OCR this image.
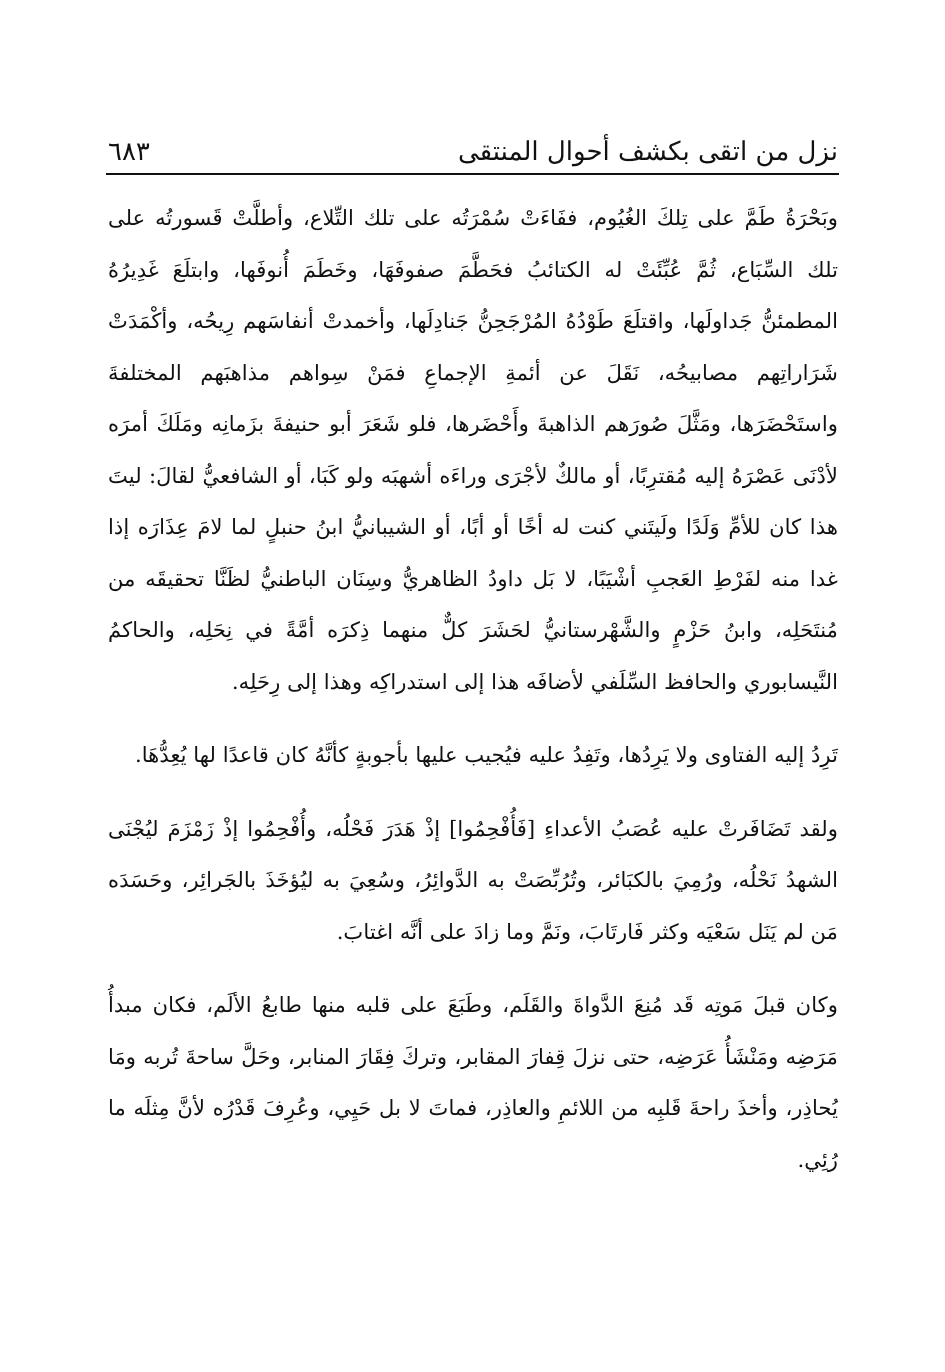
نزل من اتقى بكشف أحوال المنتقى
٦٨٣

وبَحْرَةُ طَمَّ على تِلكَ الغُيُوم، ففَاءَتْ سُمْرَتُه على تلك التِّلاع، وأطلَّتْ قَسورتُه على تلك السِّبَاع، ثُمَّ عُبِّئَتْ له الكتائبُ فحَطَّمَ صفوفَهَا، وخَطَمَ أُنوفَها، وابتلَعَ غَدِيرُهُ المطمئنُّ جَداولَها، واقتلَعَ طَوْدُهُ المُرْجَحِنُّ جَنادِلَها، وأخمدتْ أنفاسَهم رِيحُه، وأكْمَدَتْ شَرَاراتِهم مصابيحُه، نَقَلَ عن أئمةِ الإجماعِ فمَنْ سِواهم مذاهبَهم المختلفةَ واستَحْضَرَها، ومَثَّلَ صُورَهم الذاهبةَ وأَحْضَرها، فلو شَعَرَ أبو حنيفةَ بزَمانِه ومَلَكَ أمرَه لأدْنَى عَصْرَهُ إليه مُقترِبًا، أو مالكٌ لأجْرَى وراءَه أشهبَه ولو كَبَا، أو الشافعيُّ لقالَ: ليتَ هذا كان للأمِّ وَلَدًا ولَيتَني كنت له أخًا أو أبًا، أو الشيبانيُّ ابنُ حنبلٍ لما لامَ عِذَارَه إذا غدا منه لفَرْطِ العَجبِ أشْيَبًا، لا بَل داودُ الظاهريُّ وسِنَان الباطنيُّ لظَنَّا تحقيقَه من مُنتَحَلِه، وابنُ حَزْمٍ والشَّهْرستانيُّ لحَشَرَ كلٌّ منهما ذِكرَه أمَّةً في نِحَلِه، والحاكمُ النَّيسابوري والحافظ السِّلَفي لأضافَه هذا إلى استدراكِه وهذا إلى رِحَلِه.

تَرِدُ إليه الفتاوى ولا يَرِدُها، وتَفِدُ عليه فيُجيب عليها بأجوبةٍ كأنَّهُ كان قاعدًا لها يُعِدُّهَا.

ولقد تَضَافَرتْ عليه عُصَبُ الأعداءِ [فَأُفْحِمُوا] إذْ هَدَرَ فَحْلُه، وأُفْحِمُوا إذْ زَمْزَمَ ليُجْنَى الشهدُ نَحْلُه، ورُمِيَ بالكبَائر، وتُرُبِّصَتْ به الدَّوائِرُ، وسُعِيَ به ليُؤخَذَ بالجَرائِر، وحَسَدَه مَن لم يَنَل سَعْيَه وكثر فَارتَابَ، ونَمَّ وما زادَ على أنَّه اغتابَ.

وكان قبلَ مَوتِه قَد مُنِعَ الدَّواةَ والقَلَم، وطَبَعَ على قلبه منها طابعُ الألَم، فكان مبدأُ مَرَضِه ومَنْشَأُ عَرَضِه، حتى نزلَ قِفارَ المقابر، وتركَ فِقَارَ المنابر، وحَلَّ ساحةَ تُربه ومَا يُحاذِر، وأخذَ راحةَ قَلبِه من اللائمِ والعاذِر، فماتَ لا بل حَيِي، وعُرِفَ قَدْرُه لأنَّ مِثلَه ما رُئِي.
